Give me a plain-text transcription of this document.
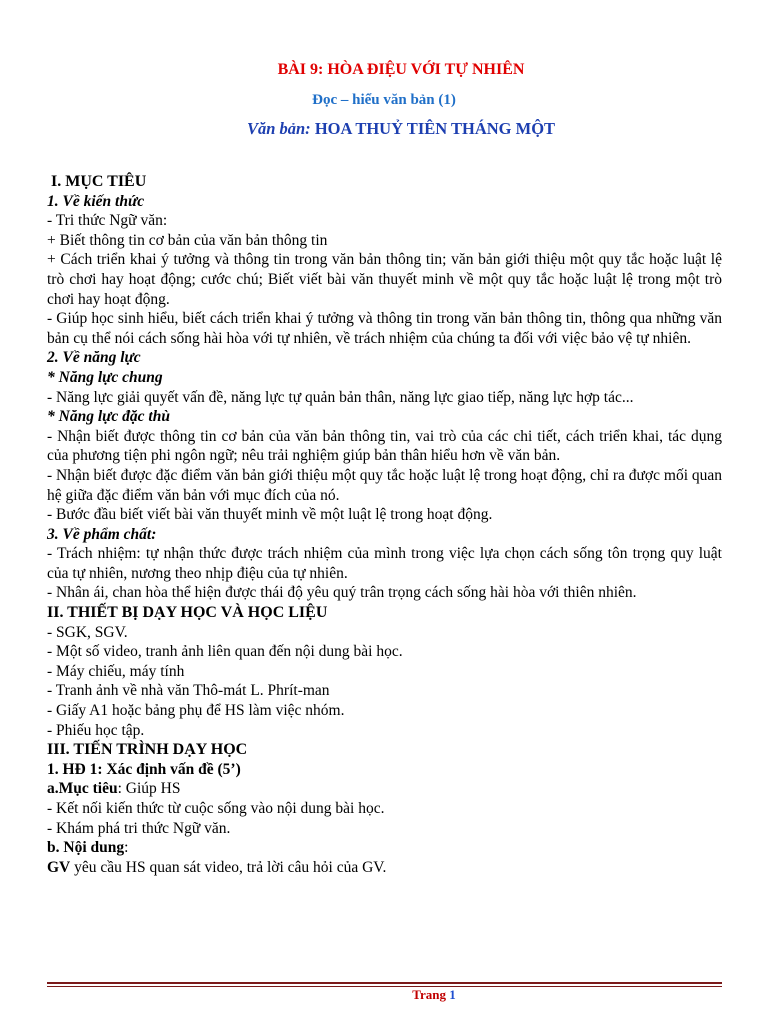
BÀI 9: HÒA ĐIỆU VỚI TỰ NHIÊN
Đọc – hiểu văn bản (1)
Văn bản: HOA THUỶ TIÊN THÁNG MỘT

I. MỤC TIÊU

1. Về kiến thức

- Tri thức Ngữ văn:

+ Biết thông tin cơ bản của văn bản thông tin

+ Cách triển khai ý tưởng và thông tin trong văn bản thông tin; văn bản giới thiệu một quy tắc hoặc luật lệ trò chơi hay hoạt động; cước chú; Biết viết bài văn thuyết minh về một quy tắc hoặc luật lệ trong một trò chơi hay hoạt động.

- Giúp học sinh hiểu, biết cách triển khai ý tưởng và thông tin trong văn bản thông tin, thông qua những văn bản cụ thể nói cách sống hài hòa với tự nhiên, về trách nhiệm của chúng ta đối với việc bảo vệ tự nhiên.

2. Về năng lực

* Năng lực chung

- Năng lực giải quyết vấn đề, năng lực tự quản bản thân, năng lực giao tiếp, năng lực hợp tác...

* Năng lực đặc thù

- Nhận biết được thông tin cơ bản của văn bản thông tin, vai trò của các chi tiết, cách triển khai, tác dụng của phương tiện phi ngôn ngữ; nêu trải nghiệm giúp bản thân hiểu hơn về văn bản.

- Nhận biết được đặc điểm văn bản giới thiệu một quy tắc hoặc luật lệ trong hoạt động, chỉ ra được mối quan hệ giữa đặc điểm văn bản với mục đích của nó.

- Bước đầu biết viết bài văn thuyết minh về một luật lệ trong hoạt động.

3. Về phẩm chất:

- Trách nhiệm: tự nhận thức được trách nhiệm của mình trong việc lựa chọn cách sống tôn trọng quy luật của tự nhiên, nương theo nhịp điệu của tự nhiên.

- Nhân ái, chan hòa thể hiện được thái độ yêu quý trân trọng cách sống hài hòa với thiên nhiên.

II. THIẾT BỊ DẠY HỌC VÀ HỌC LIỆU

- SGK, SGV.

- Một số video, tranh ảnh liên quan đến nội dung bài học.

- Máy chiếu, máy tính

- Tranh ảnh về nhà văn Thô-mát L. Phrít-man

- Giấy A1 hoặc bảng phụ để HS làm việc nhóm.

- Phiếu học tập.

III. TIẾN TRÌNH DẠY HỌC

1. HĐ 1: Xác định vấn đề (5’)

a.Mục tiêu: Giúp HS

- Kết nối kiến thức từ cuộc sống vào nội dung bài học.

- Khám phá tri thức Ngữ văn.

b. Nội dung:

GV yêu cầu HS quan sát video, trả lời câu hỏi của GV.

Trang 1
